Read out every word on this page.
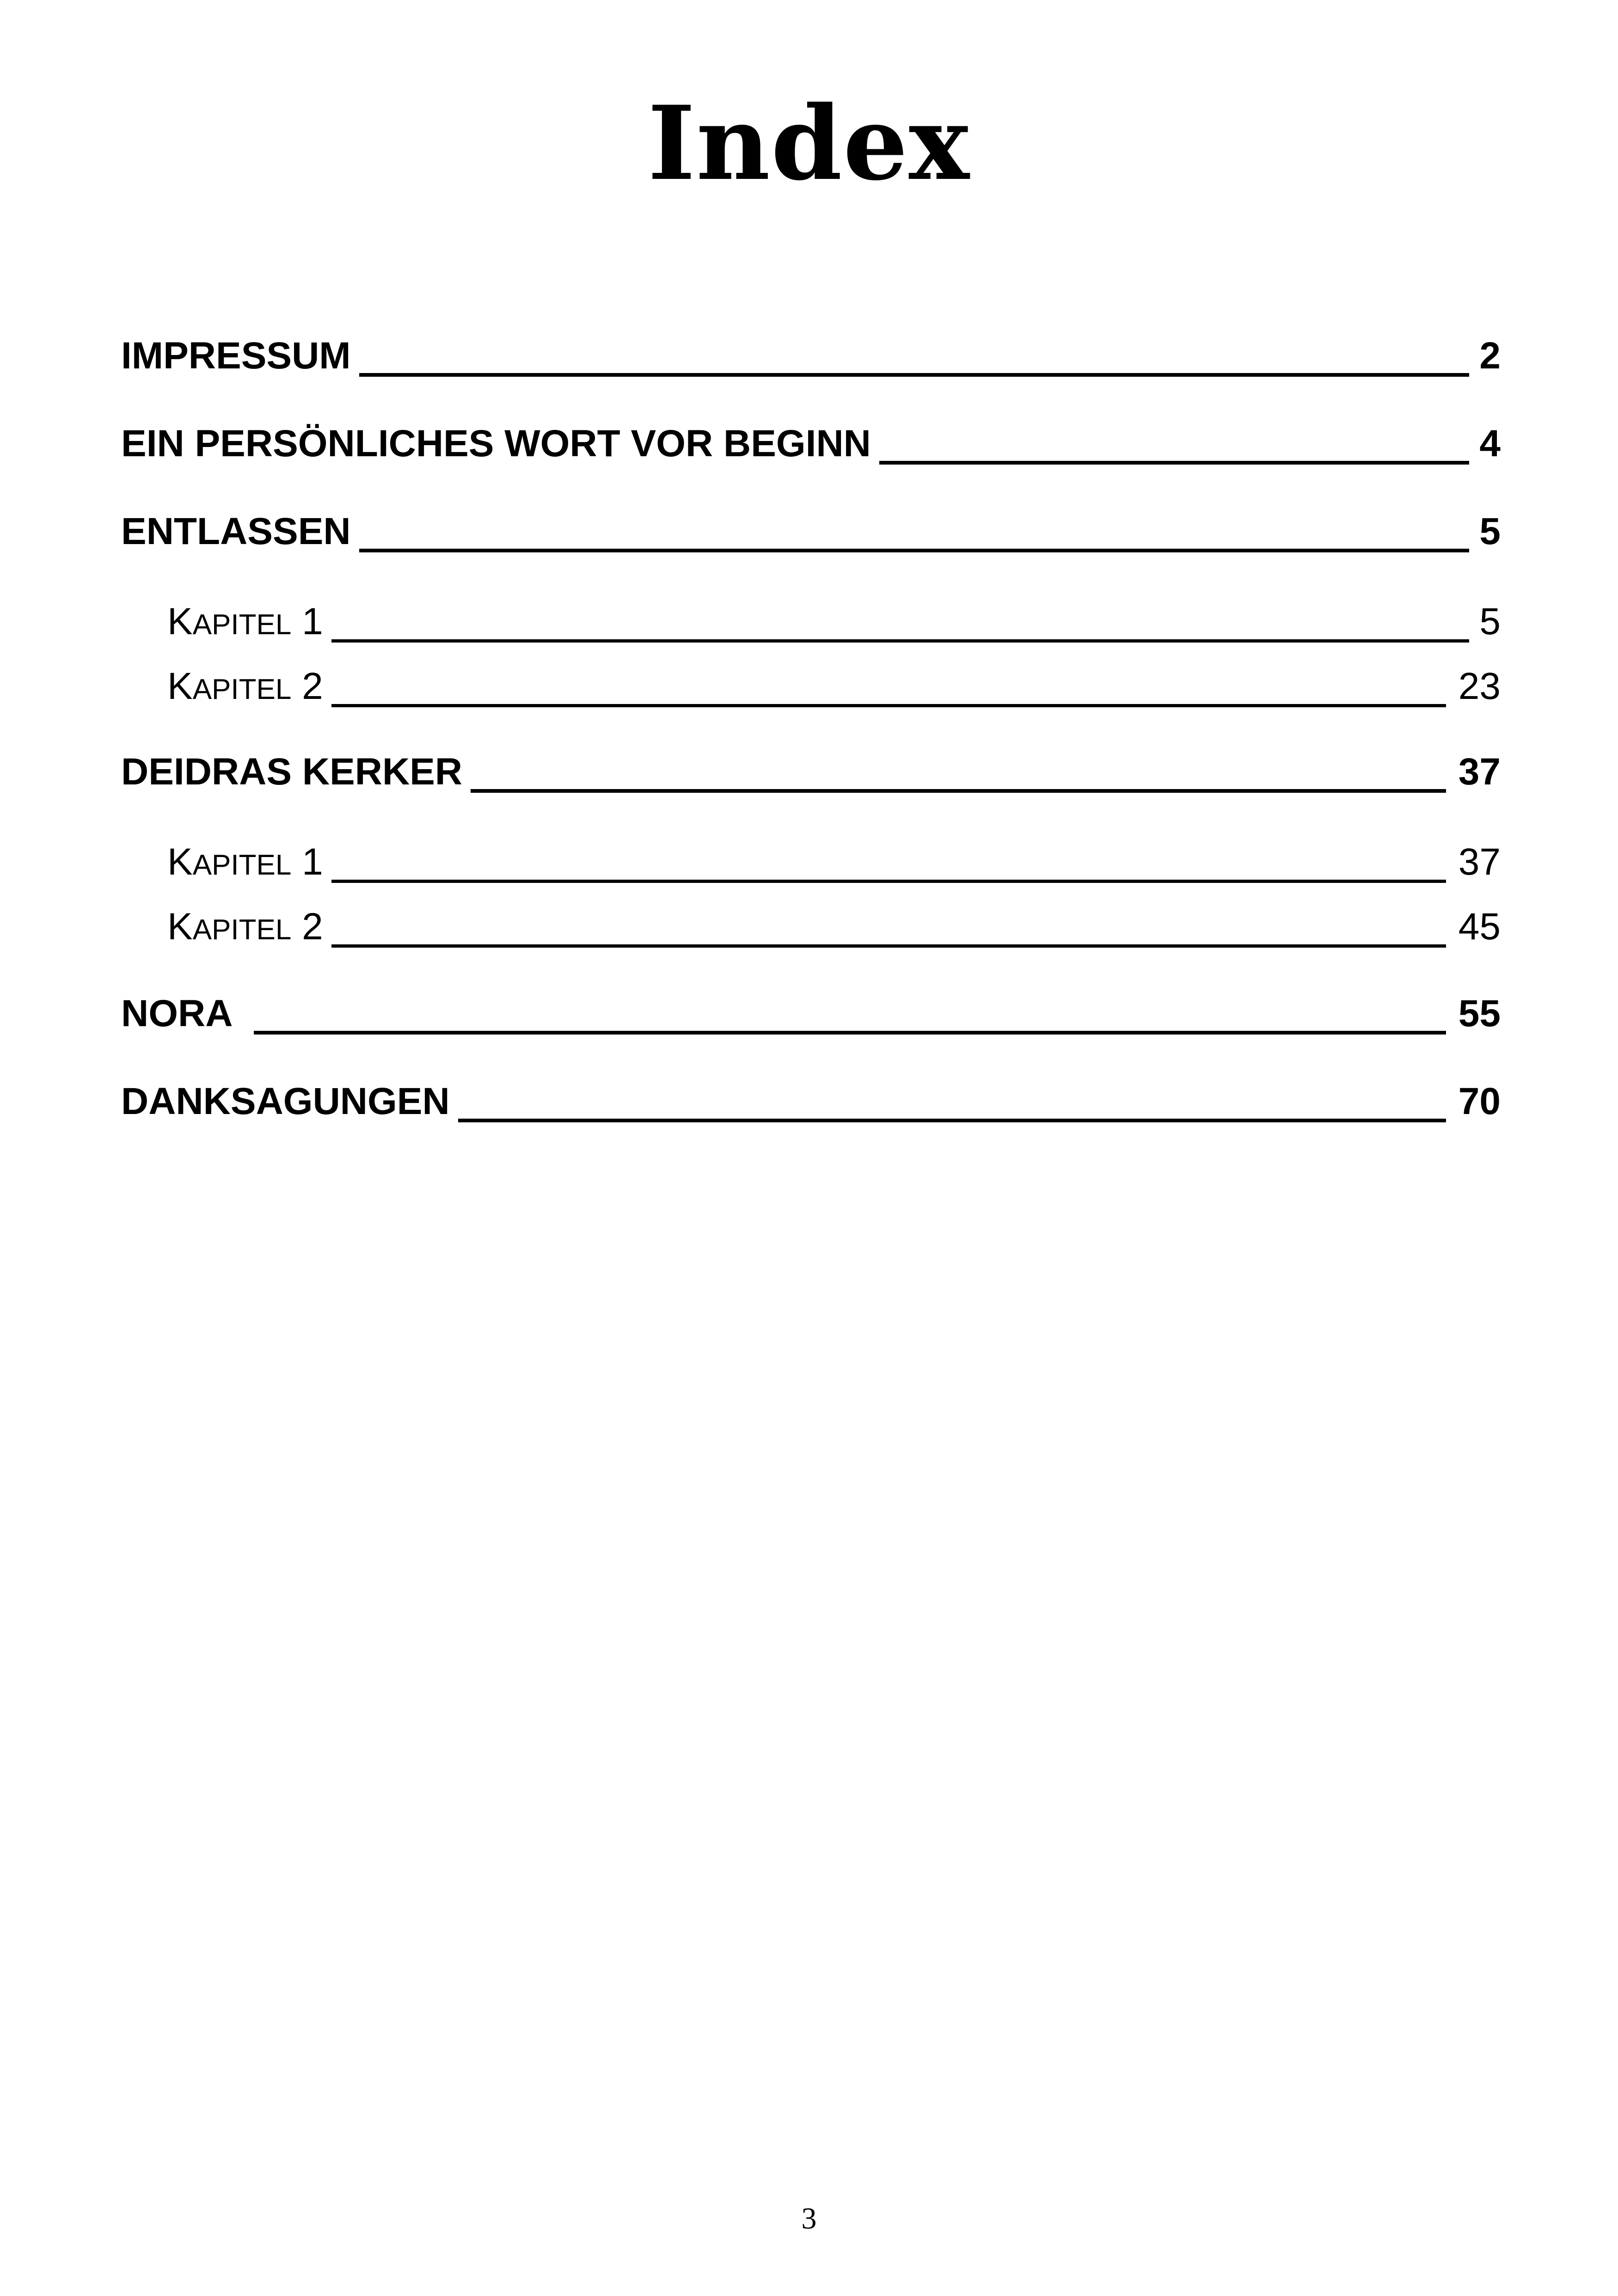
Index
IMPRESSUM	2
EIN PERSÖNLICHES WORT VOR BEGINN	4
ENTLASSEN	5
KAPITEL 1	5
KAPITEL 2	23
DEIDRAS KERKER	37
KAPITEL 1	37
KAPITEL 2	45
NORA	55
DANKSAGUNGEN	70
3
